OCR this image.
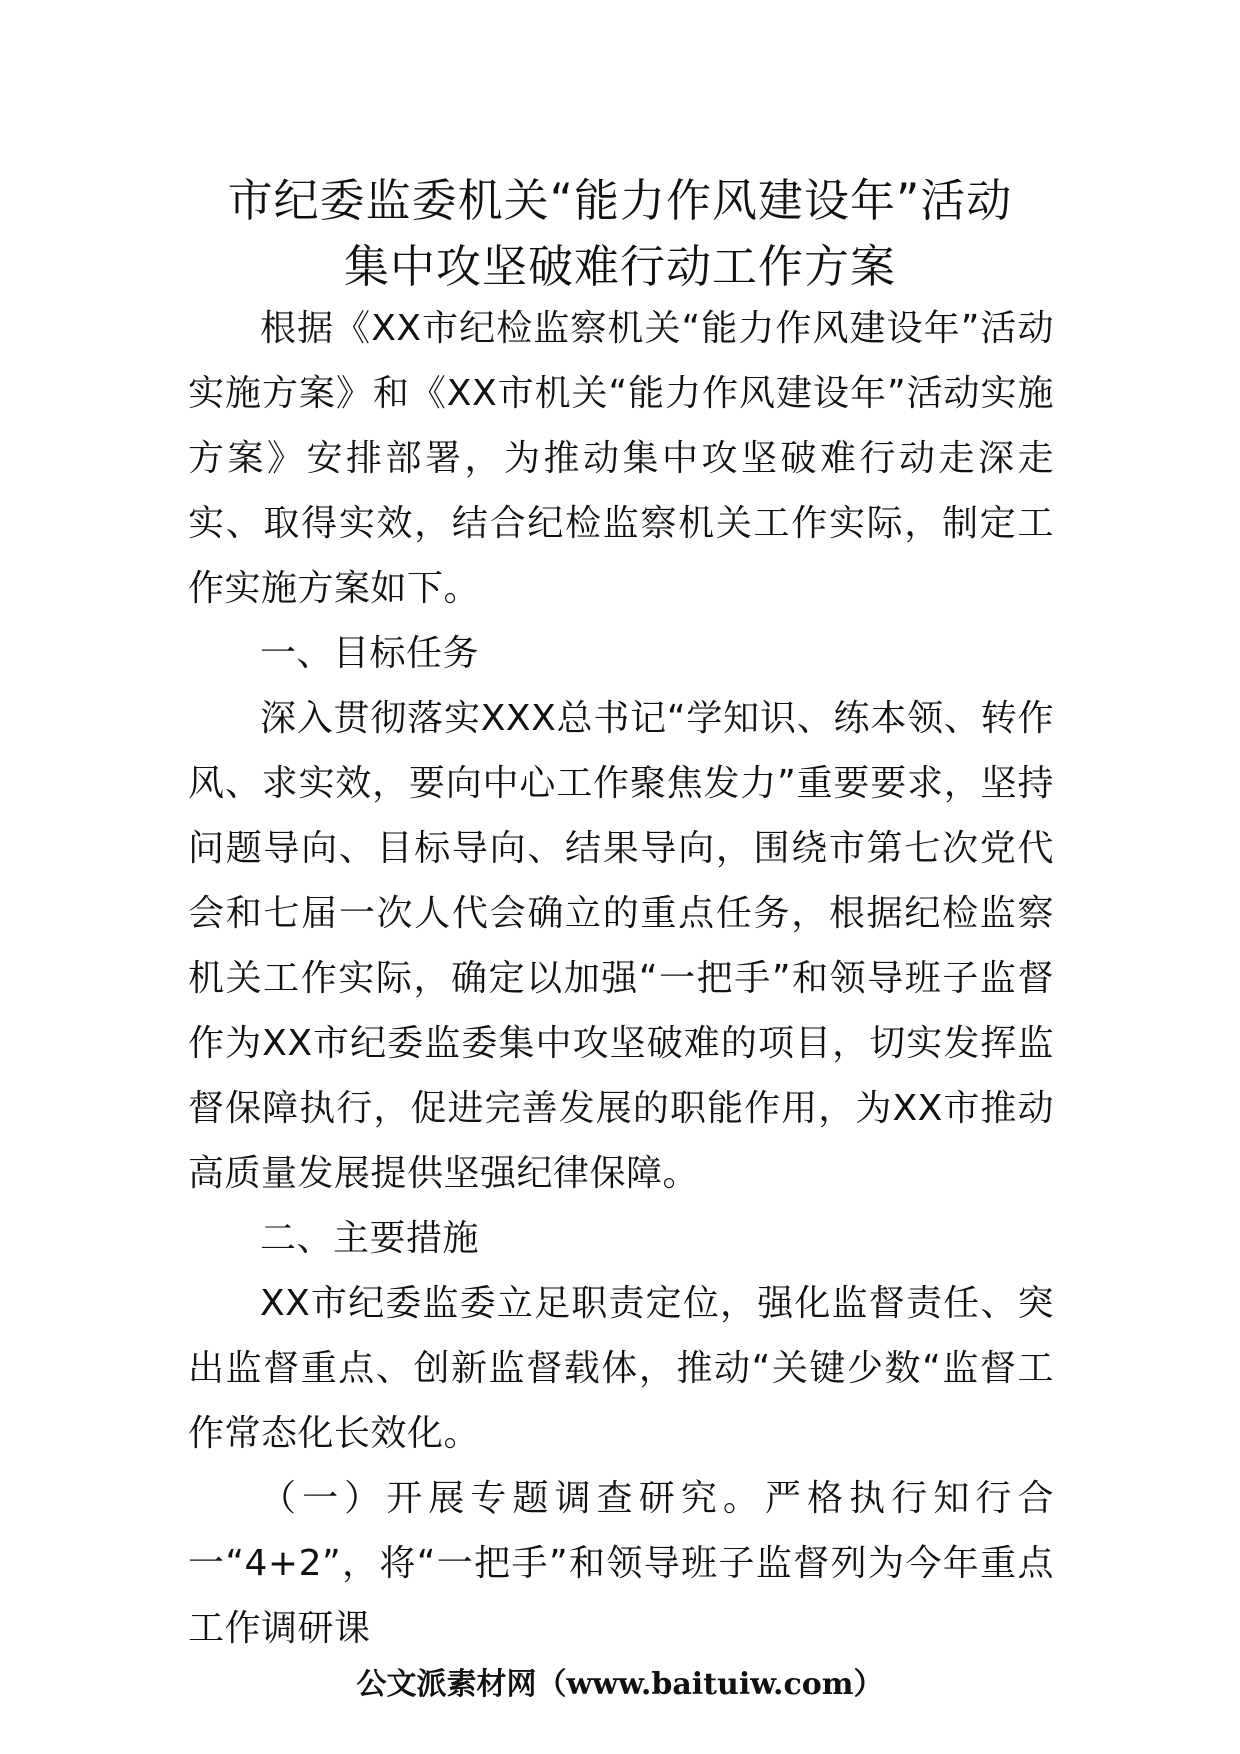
市纪委监委机关“能力作风建设年”活动
集中攻坚破难行动工作方案

根据《XX市纪检监察机关“能力作风建设年”活动实施方案》和《XX市机关“能力作风建设年”活动实施方案》安排部署，为推动集中攻坚破难行动走深走实、取得实效，结合纪检监察机关工作实际，制定工作实施方案如下。

一、目标任务

深入贯彻落实XXX总书记“学知识、练本领、转作风、求实效，要向中心工作聚焦发力”重要要求，坚持问题导向、目标导向、结果导向，围绕市第七次党代会和七届一次人代会确立的重点任务，根据纪检监察机关工作实际，确定以加强“一把手”和领导班子监督作为XX市纪委监委集中攻坚破难的项目，切实发挥监督保障执行，促进完善发展的职能作用，为XX市推动高质量发展提供坚强纪律保障。

二、主要措施

XX市纪委监委立足职责定位，强化监督责任、突出监督重点、创新监督载体，推动“关键少数“监督工作常态化长效化。

（一）开展专题调查研究。严格执行知行合一“4+2”，将“一把手”和领导班子监督列为今年重点工作调研课

公文派素材网（www.baituiw.com）
